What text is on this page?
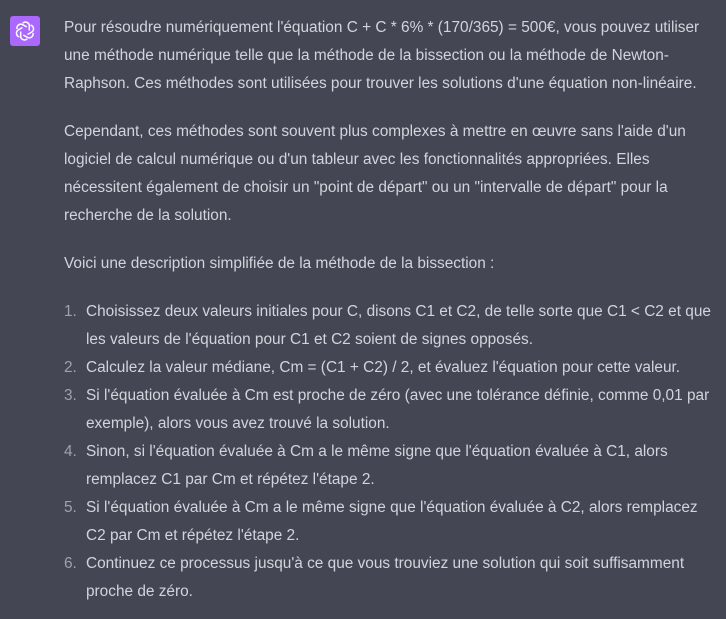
Pour résoudre numériquement l'équation C + C * 6% * (170/365) = 500€, vous pouvez utiliser une méthode numérique telle que la méthode de la bissection ou la méthode de Newton-Raphson. Ces méthodes sont utilisées pour trouver les solutions d'une équation non-linéaire.

Cependant, ces méthodes sont souvent plus complexes à mettre en œuvre sans l'aide d'un logiciel de calcul numérique ou d'un tableur avec les fonctionnalités appropriées. Elles nécessitent également de choisir un "point de départ" ou un "intervalle de départ" pour la recherche de la solution.

Voici une description simplifiée de la méthode de la bissection :

1. Choisissez deux valeurs initiales pour C, disons C1 et C2, de telle sorte que C1 < C2 et que les valeurs de l'équation pour C1 et C2 soient de signes opposés.
2. Calculez la valeur médiane, Cm = (C1 + C2) / 2, et évaluez l'équation pour cette valeur.
3. Si l'équation évaluée à Cm est proche de zéro (avec une tolérance définie, comme 0,01 par exemple), alors vous avez trouvé la solution.
4. Sinon, si l'équation évaluée à Cm a le même signe que l'équation évaluée à C1, alors remplacez C1 par Cm et répétez l'étape 2.
5. Si l'équation évaluée à Cm a le même signe que l'équation évaluée à C2, alors remplacez C2 par Cm et répétez l'étape 2.
6. Continuez ce processus jusqu'à ce que vous trouviez une solution qui soit suffisamment proche de zéro.
